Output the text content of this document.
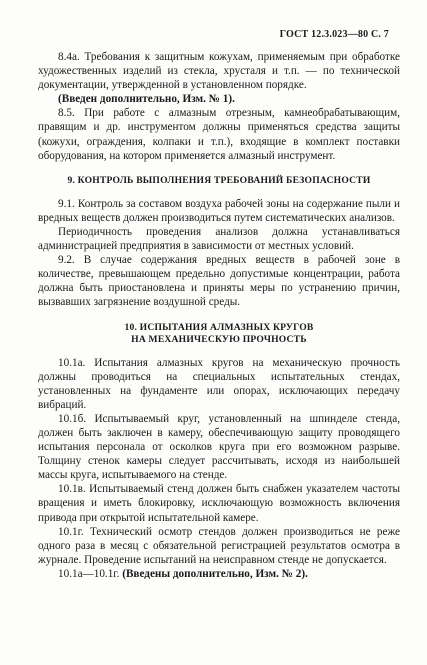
ГОСТ 12.3.023—80 С. 7

8.4а. Требования к защитным кожухам, применяемым при обработке художественных изделий из стекла, хрусталя и т.п. — по технической документации, утвержденной в установленном порядке.

(Введен дополнительно, Изм. № 1).

8.5. При работе с алмазным отрезным, камнеобрабатывающим, правящим и др. инструментом должны применяться средства защиты (кожухи, ограждения, колпаки и т.п.), входящие в комплект поставки оборудования, на котором применяется алмазный инструмент.

9. КОНТРОЛЬ ВЫПОЛНЕНИЯ ТРЕБОВАНИЙ БЕЗОПАСНОСТИ

9.1. Контроль за составом воздуха рабочей зоны на содержание пыли и вредных веществ должен производиться путем систематических анализов.

Периодичность проведения анализов должна устанавливаться администрацией предприятия в зависимости от местных условий.

9.2. В случае содержания вредных веществ в рабочей зоне в количестве, превышающем предельно допустимые концентрации, работа должна быть приостановлена и приняты меры по устранению причин, вызвавших загрязнение воздушной среды.

10. ИСПЫТАНИЯ АЛМАЗНЫХ КРУГОВ
НА МЕХАНИЧЕСКУЮ ПРОЧНОСТЬ

10.1а. Испытания алмазных кругов на механическую прочность должны проводиться на специальных испытательных стендах, установленных на фундаменте или опорах, исключающих передачу вибраций.

10.1б. Испытываемый круг, установленный на шпинделе стенда, должен быть заключен в камеру, обеспечивающую защиту проводящего испытания персонала от осколков круга при его возможном разрыве. Толщину стенок камеры следует рассчитывать, исходя из наибольшей массы круга, испытываемого на стенде.

10.1в. Испытываемый стенд должен быть снабжен указателем частоты вращения и иметь блокировку, исключающую возможность включения привода при открытой испытательной камере.

10.1г. Технический осмотр стендов должен производиться не реже одного раза в месяц с обязательной регистрацией результатов осмотра в журнале. Проведение испытаний на неисправном стенде не допускается.

10.1а—10.1г. (Введены дополнительно, Изм. № 2).
